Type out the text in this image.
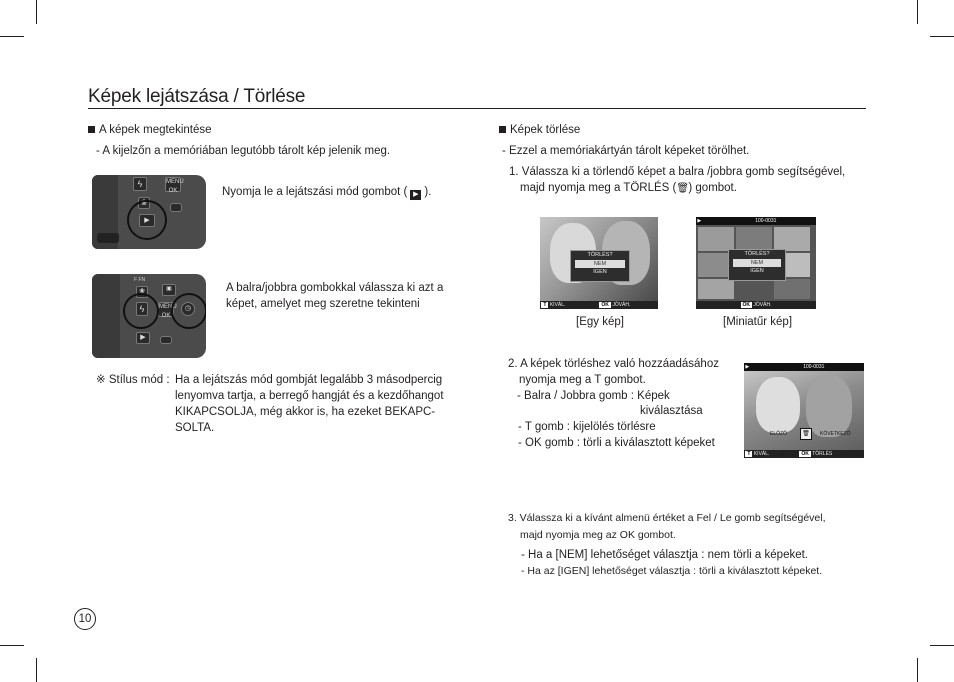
Képek lejátszása / Törlése
A képek megtekintése
- A kijelzőn a memóriában legutóbb tárolt kép jelenik meg.
ϟ	MENU
OK
❀
▶
Nyomja le a lejátszási mód gombot ( ▶ ).
F FN
❀	▣
ϟ	MENU
OK
◷
▶
A balra/jobbra gombokkal válassza ki azt a
képet, amelyet meg szeretne tekinteni
※ Stílus mód : Ha a lejátszás mód gombját legalább 3 másodpercig
lenyomva tartja, a berregő hangját és a kezdőhangot
KIKAPCSOLJA, még akkor is, ha ezeket BEKAPC-
SOLTA.
Képek törlése
- Ezzel a memóriakártyán tárolt képeket törölhet.
1. Válassza ki a törlendő képet a balra /jobbra gomb segítségével,
majd nyomja meg a TÖRLÉS (🗑) gombot.
TÖRLÉS?
NEM
IGEN
T KIVÁL.	OK JÓVÁH.
▶	100-0031
TÖRLÉS?
NEM
IGEN
OK JÓVÁH.
[Egy kép]	[Miniatűr kép]
2. A képek törléshez való hozzáadásához
nyomja meg a T gombot.
- Balra / Jobbra gomb : Képek
kiválasztása
- T gomb : kijelölés törlésre
- OK gomb : törli a kiválasztott képeket
▶	100-0031
ELŐZŐ	🗑	KÖVETKEZŐ
T KIVÁL.	OK TÖRLÉS
3. Válassza ki a kívánt almenü értéket a Fel / Le gomb segítségével,
majd nyomja meg az OK gombot.
- Ha a [NEM] lehetőséget választja : nem törli a képeket.
- Ha az [IGEN] lehetőséget választja : törli a kiválasztott képeket.
10
